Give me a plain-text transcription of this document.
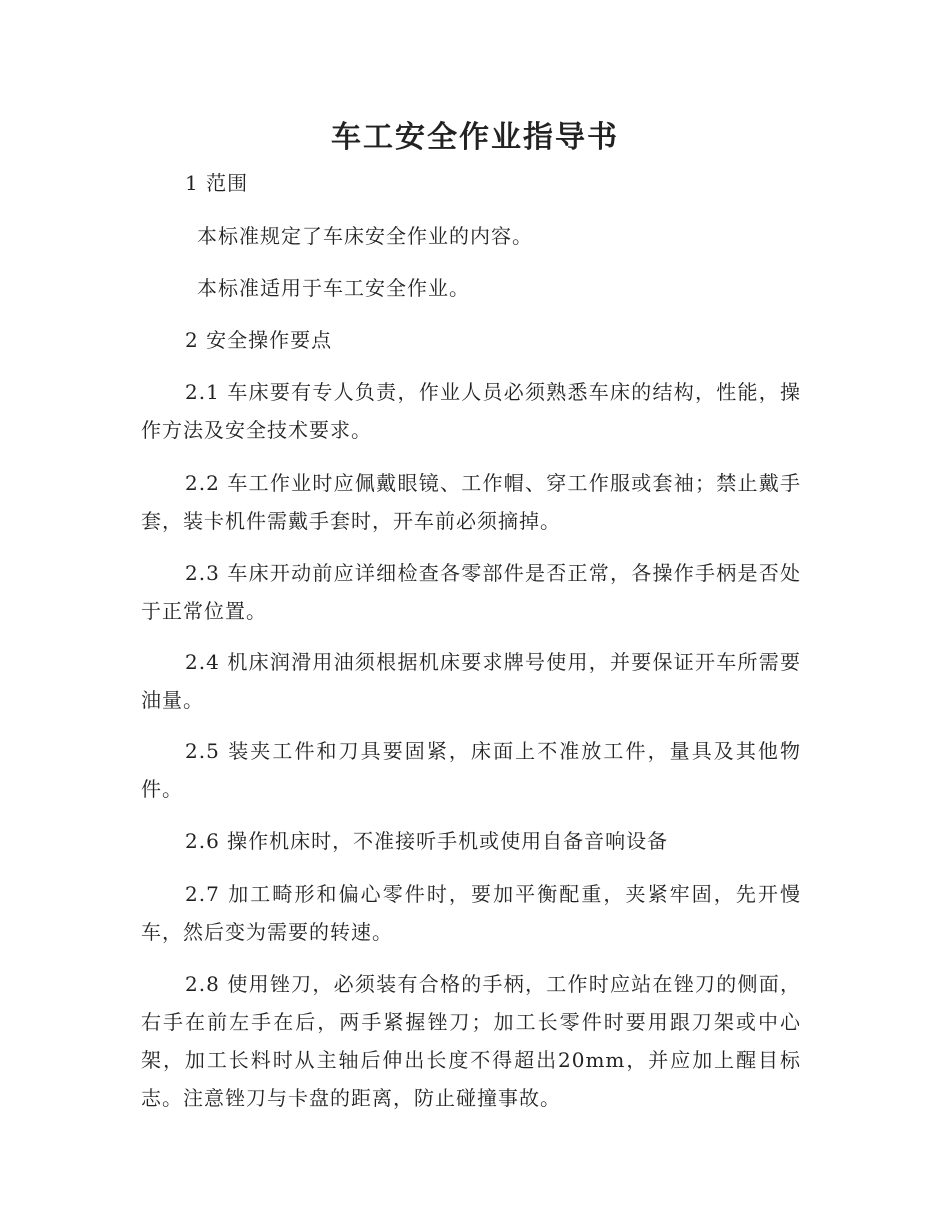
车工安全作业指导书

1 范围

本标准规定了车床安全作业的内容。

本标准适用于车工安全作业。

2 安全操作要点

2.1 车床要有专人负责，作业人员必须熟悉车床的结构，性能，操作方法及安全技术要求。

2.2 车工作业时应佩戴眼镜、工作帽、穿工作服或套袖；禁止戴手套，装卡机件需戴手套时，开车前必须摘掉。

2.3 车床开动前应详细检查各零部件是否正常，各操作手柄是否处于正常位置。

2.4 机床润滑用油须根据机床要求牌号使用，并要保证开车所需要油量。

2.5 装夹工件和刀具要固紧，床面上不准放工件，量具及其他物件。

2.6 操作机床时，不准接听手机或使用自备音响设备

2.7 加工畸形和偏心零件时，要加平衡配重，夹紧牢固，先开慢车，然后变为需要的转速。

2.8 使用锉刀，必须装有合格的手柄，工作时应站在锉刀的侧面，右手在前左手在后，两手紧握锉刀；加工长零件时要用跟刀架或中心架，加工长料时从主轴后伸出长度不得超出20mm，并应加上醒目标志。注意锉刀与卡盘的距离，防止碰撞事故。
